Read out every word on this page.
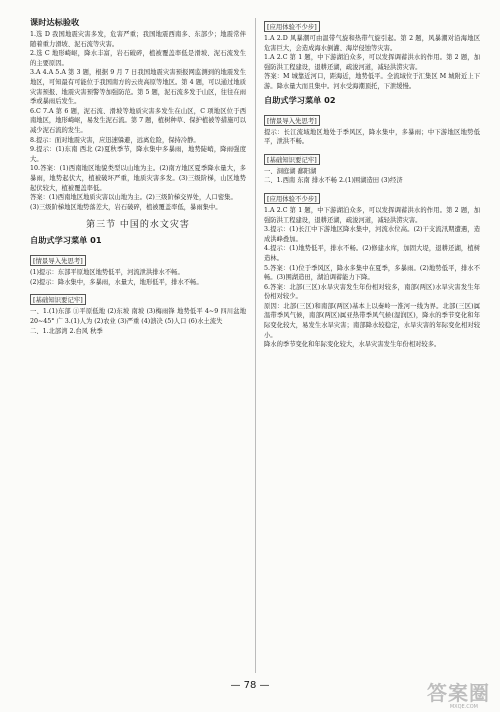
课时达标验收

1.选 D 我国地震灾害多发，危害严重；我国地震西南多、东部少；地震常伴随着重力滑坡、泥石流等灾害。

2.选 C 地形崎岖，降水丰富，岩石破碎，植被覆盖率低是滑坡、泥石流发生的主要原因。

3.A 4.A 5.A 第 3 题，根据 9 月 7 日我国地震灾害预报网监测到的地震发生地区，可知最有可能位于我国南方的云贵高原等地区。第 4 题，可以通过地质灾害预报、地震灾害预警等加强防范。第 5 题，泥石流多发于山区，往往在雨季或暴雨后发生。

6.C 7.A 第 6 题，泥石流、滑坡等地质灾害多发生在山区，C 项地区位于西南地区，地形崎岖，易发生泥石流。第 7 题，植树种草、保护植被等措施可以减少泥石流的发生。

8.提示：面对地震灾害，应迅速躲避，远离危险，保持冷静。

9.提示：(1)东南 西北 (2)夏秋季节，降水集中多暴雨，地势陡峭，降雨强度大。

10.答案：(1)西南地区地貌类型以山地为主。(2)南方地区夏季降水量大，多暴雨，地势起伏大，植被破坏严重，地质灾害多发。(3)三级阶梯，山区地势起伏较大，植被覆盖率低。

答案：(1)西南地区地质灾害以山地为主。(2)三级阶梯交界处，人口密集。

(3)三级阶梯地区地势落差大，岩石破碎，植被覆盖率低，暴雨集中。

第三节 中国的水文灾害
自助式学习菜单 01
[情景导入先思考]

(1)提示：东部平原地区地势低平，河流泄洪排水不畅。

(2)提示：降水集中，多暴雨，水量大，地形低平，排水不畅。

[基础知识要记牢]

一、1.(1)东部 ①平原低地 (2)东坡 南坡 (3)梅雨锋 地势低平 4~9 四川盆地 20~45° 广 3.(1)人为 (2)农业 (3)严重 (4)溃决 (5)人口 (6)水土流失

二、1.北部湾 2.台风 秋季

[应用体验不少步]

1.A 2.D 风暴潮可由温带气旋和热带气旋引起。第 2 题，风暴潮对沿海地区危害巨大，会造成海水倒灌、海岸侵蚀等灾害。

1.A 2.C 第 1 题，中下游湖泊众多，可以发挥调蓄洪水的作用。第 2 题，加强防洪工程建设，退耕还湖，疏浚河道，减轻洪涝灾害。

答案：M 城靠近河口，距海近，地势低平。全流域位于汇集区 M 城附近上下游。降水量大而且集中。河水受海潮顶托，下泄缓慢。

自助式学习菜单 02
[情景导入先思考]

提示：长江流域地区地处于季风区，降水集中，多暴雨；中下游地区地势低平，泄洪不畅。

[基础知识要记牢]

一、洞庭湖 鄱阳湖

二、1.西南 东南 排水不畅 2.(1)围湖造田 (3)经济

[应用体验不少步]

1.A 2.C 第 1 题，中下游湖泊众多，可以发挥调蓄洪水的作用。第 2 题，加强防洪工程建设，退耕还湖，疏浚河道，减轻洪涝灾害。

3.提示：(1)长江中下游地区降水集中，河流水位高。(2)干支流汛期遭遇，造成洪峰叠加。

4.提示：(1)地势低平，排水不畅。(2)修建水库，加固大堤，退耕还湖，植树造林。

5.答案：(1)位于季风区，降水多集中在夏季，多暴雨。(2)地势低平，排水不畅。(3)围湖造田，湖泊调蓄能力下降。

6.答案：北部(三区)水旱灾害发生年份相对较多，南部(两区)水旱灾害发生年份相对较少。

原因：北部(三区)和南部(两区)基本上以秦岭一淮河一线为界。北部(三区)属温带季风气候，南部(两区)属亚热带季风气候(湿润区)，降水的季节变化和年际变化较大，易发生水旱灾害；南部降水较稳定，水旱灾害的年际变化相对较小。

降水的季节变化和年际变化较大，水旱灾害发生年份相对较多。

— 78 —	答案圈
MXQE.COM
